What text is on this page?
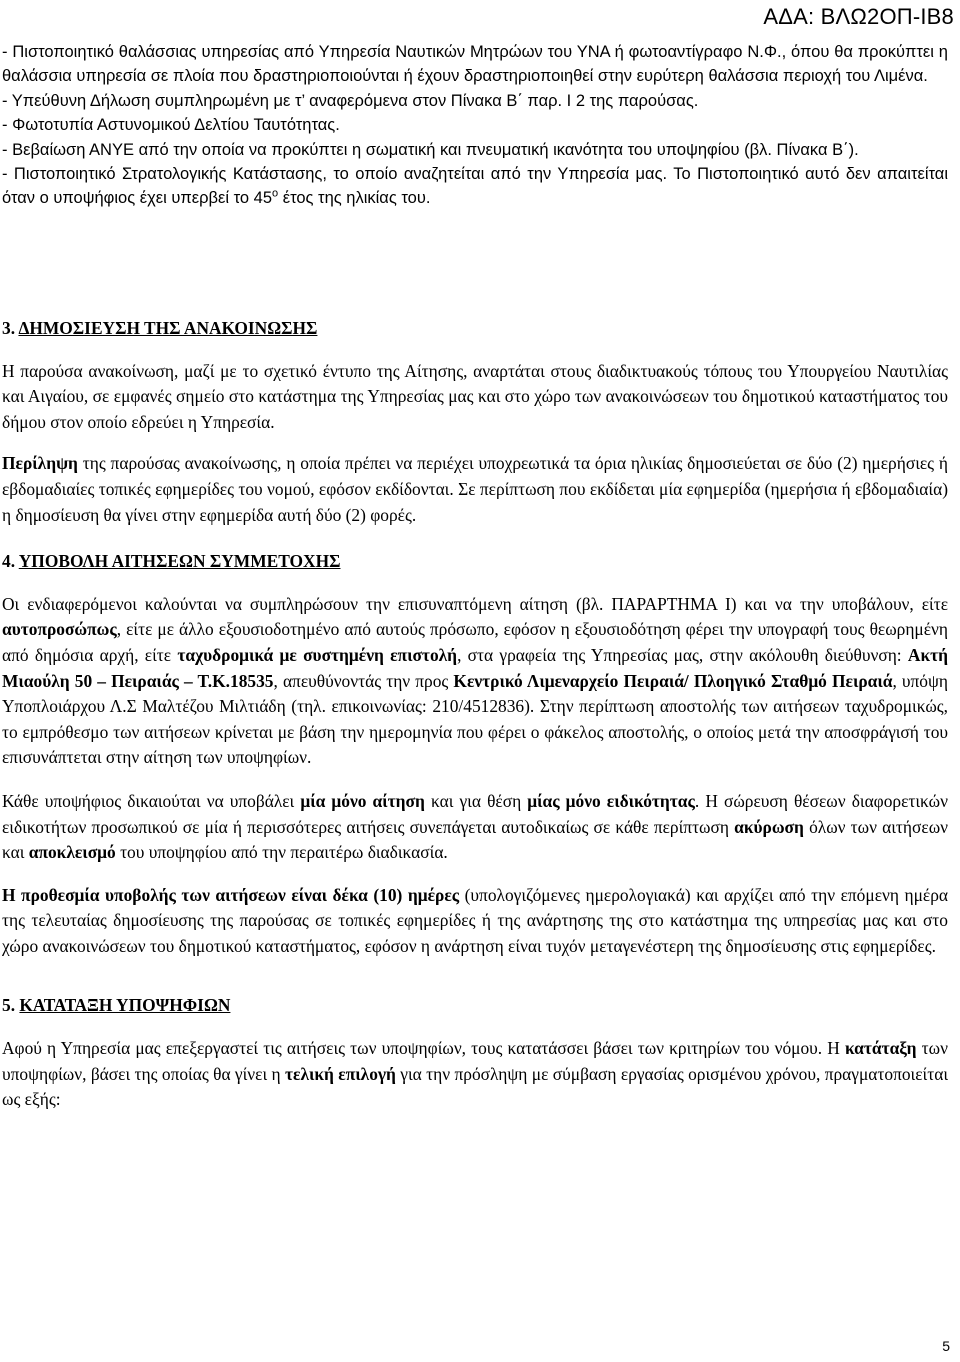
ΑΔΑ: ΒΛΩ2ΟΠ-ΙΒ8

- Πιστοποιητικό θαλάσσιας υπηρεσίας από Υπηρεσία Ναυτικών Μητρώων του ΥΝΑ ή φωτοαντίγραφο Ν.Φ., όπου θα προκύπτει η θαλάσσια υπηρεσία σε πλοία που δραστηριοποιούνται ή έχουν δραστηριοποιηθεί στην ευρύτερη θαλάσσια περιοχή του Λιμένα.

- Υπεύθυνη Δήλωση συμπληρωμένη με τ’ αναφερόμενα στον Πίνακα Β΄ παρ. Ι 2 της παρούσας.

- Φωτοτυπία Αστυνομικού Δελτίου Ταυτότητας.

- Βεβαίωση ΑΝΥΕ από την οποία να προκύπτει η σωματική και πνευματική ικανότητα του υποψηφίου (βλ. Πίνακα Β΄).

- Πιστοποιητικό Στρατολογικής Κατάστασης, το οποίο αναζητείται από την Υπηρεσία μας. Το Πιστοποιητικό αυτό δεν απαιτείται όταν ο υποψήφιος έχει υπερβεί το $45^o$ έτος της ηλικίας του.

3. ΔΗΜΟΣΙΕΥΣΗ ΤΗΣ ΑΝΑΚΟΙΝΩΣΗΣ

Η παρούσα ανακοίνωση, μαζί με το σχετικό έντυπο της Αίτησης, αναρτάται στους διαδικτυακούς τόπους του Υπουργείου Ναυτιλίας και Αιγαίου, σε εμφανές σημείο στο κατάστημα της Υπηρεσίας μας και στο χώρο των ανακοινώσεων του δημοτικού καταστήματος του δήμου στον οποίο εδρεύει η Υπηρεσία.

Περίληψη της παρούσας ανακοίνωσης, η οποία πρέπει να περιέχει υποχρεωτικά τα όρια ηλικίας δημοσιεύεται σε δύο (2) ημερήσιες ή εβδομαδιαίες τοπικές εφημερίδες του νομού, εφόσον εκδίδονται. Σε περίπτωση που εκδίδεται μία εφημερίδα (ημερήσια ή εβδομαδιαία) η δημοσίευση θα γίνει στην εφημερίδα αυτή δύο (2) φορές.

4. ΥΠΟΒΟΛΗ ΑΙΤΗΣΕΩΝ ΣΥΜΜΕΤΟΧΗΣ

Οι ενδιαφερόμενοι καλούνται να συμπληρώσουν την επισυναπτόμενη αίτηση (βλ. ΠΑΡΑΡΤΗΜΑ Ι) και να την υποβάλουν, είτε αυτοπροσώπως, είτε με άλλο εξουσιοδοτημένο από αυτούς πρόσωπο, εφόσον η εξουσιοδότηση φέρει την υπογραφή τους θεωρημένη από δημόσια αρχή, είτε ταχυδρομικά με συστημένη επιστολή, στα γραφεία της Υπηρεσίας μας, στην ακόλουθη διεύθυνση: Ακτή Μιαούλη 50 – Πειραιάς – Τ.Κ.18535, απευθύνοντάς την προς Κεντρικό Λιμεναρχείο Πειραιά/ Πλοηγικό Σταθμό Πειραιά, υπόψη Υποπλοιάρχου Λ.Σ Μαλτέζου Μιλτιάδη (τηλ. επικοινωνίας: 210/4512836). Στην περίπτωση αποστολής των αιτήσεων ταχυδρομικώς, το εμπρόθεσμο των αιτήσεων κρίνεται με βάση την ημερομηνία που φέρει ο φάκελος αποστολής, ο οποίος μετά την αποσφράγισή του επισυνάπτεται στην αίτηση των υποψηφίων.

Κάθε υποψήφιος δικαιούται να υποβάλει μία μόνο αίτηση και για θέση μίας μόνο ειδικότητας. Η σώρευση θέσεων διαφορετικών ειδικοτήτων προσωπικού σε μία ή περισσότερες αιτήσεις συνεπάγεται αυτοδικαίως σε κάθε περίπτωση ακύρωση όλων των αιτήσεων και αποκλεισμό του υποψηφίου από την περαιτέρω διαδικασία.

Η προθεσμία υποβολής των αιτήσεων είναι δέκα (10) ημέρες (υπολογιζόμενες ημερολογιακά) και αρχίζει από την επόμενη ημέρα της τελευταίας δημοσίευσης της παρούσας σε τοπικές εφημερίδες ή της ανάρτησης της στο κατάστημα της υπηρεσίας μας και στο χώρο ανακοινώσεων του δημοτικού καταστήματος, εφόσον η ανάρτηση είναι τυχόν μεταγενέστερη της δημοσίευσης στις εφημερίδες.

5. ΚΑΤΑΤΑΞΗ ΥΠΟΨΗΦΙΩΝ

Αφού η Υπηρεσία μας επεξεργαστεί τις αιτήσεις των υποψηφίων, τους κατατάσσει βάσει των κριτηρίων του νόμου. Η κατάταξη των υποψηφίων, βάσει της οποίας θα γίνει η τελική επιλογή για την πρόσληψη με σύμβαση εργασίας ορισμένου χρόνου, πραγματοποιείται ως εξής:

5
